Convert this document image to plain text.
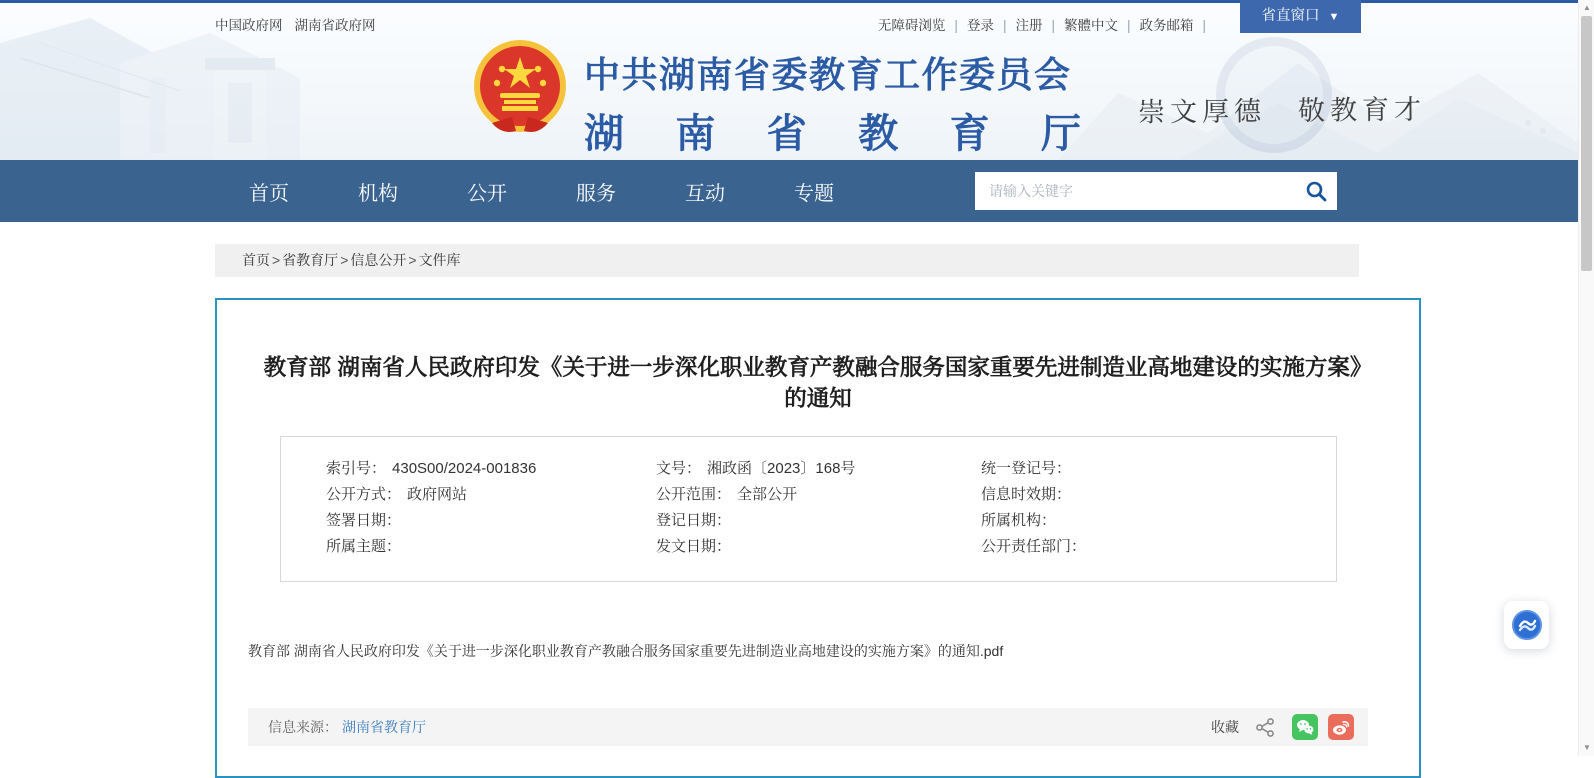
中国政府网 湖南省政府网	无障碍浏览 | 登录 | 注册 | 繁體中文 | 政务邮箱 |
中共湖南省委教育工作委员会
湖南省教育厅
崇文厚德　敬教育才
省直窗口 ▼
首页	机构	公开	服务	互动	专题
请输入关键字
首页 > 省教育厅 > 信息公开 > 文件库
教育部 湖南省人民政府印发《关于进一步深化职业教育产教融合服务国家重要先进制造业高地建设的实施方案》的通知
索引号： 430S00/2024-001836	文号： 湘政函〔2023〕168号	统一登记号：
公开方式： 政府网站	公开范围： 全部公开	信息时效期：
签署日期：	登记日期：	所属机构：
所属主题：	发文日期：	公开责任部门：
教育部 湖南省人民政府印发《关于进一步深化职业教育产教融合服务国家重要先进制造业高地建设的实施方案》的通知.pdf
信息来源： 湖南省教育厅	收藏
▲
▼
